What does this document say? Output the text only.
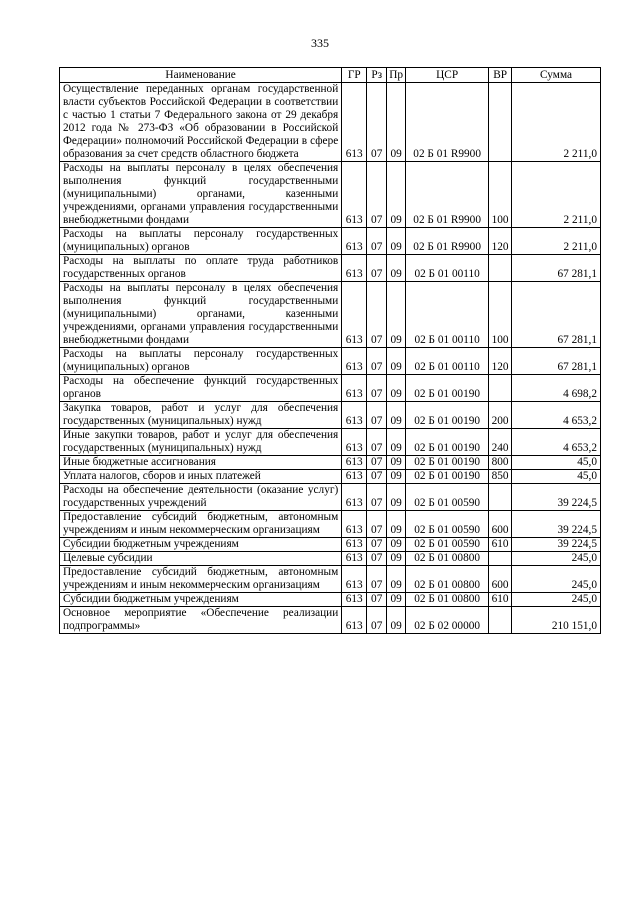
335
Наименование	ГР	Рз	Пр	ЦСР	ВР	Сумма
Осуществление переданных органам государственной власти субъектов Российской Федерации в соответствии с частью 1 статьи 7 Федерального закона от 29 декабря 2012 года № 273-ФЗ «Об образовании в Российской Федерации» полномочий Российской Федерации в сфере образования за счет средств областного бюджета	613	07	09	02 Б 01 R9900		2 211,0
Расходы на выплаты персоналу в целях обеспечения выполнения функций государственными (муниципальными) органами, казенными учреждениями, органами управления государственными внебюджетными фондами	613	07	09	02 Б 01 R9900	100	2 211,0
Расходы на выплаты персоналу государственных (муниципальных) органов	613	07	09	02 Б 01 R9900	120	2 211,0
Расходы на выплаты по оплате труда работников государственных органов	613	07	09	02 Б 01 00110		67 281,1
Расходы на выплаты персоналу в целях обеспечения выполнения функций государственными (муниципальными) органами, казенными учреждениями, органами управления государственными внебюджетными фондами	613	07	09	02 Б 01 00110	100	67 281,1
Расходы на выплаты персоналу государственных (муниципальных) органов	613	07	09	02 Б 01 00110	120	67 281,1
Расходы на обеспечение функций государственных органов	613	07	09	02 Б 01 00190		4 698,2
Закупка товаров, работ и услуг для обеспечения государственных (муниципальных) нужд	613	07	09	02 Б 01 00190	200	4 653,2
Иные закупки товаров, работ и услуг для обеспечения государственных (муниципальных) нужд	613	07	09	02 Б 01 00190	240	4 653,2
Иные бюджетные ассигнования	613	07	09	02 Б 01 00190	800	45,0
Уплата налогов, сборов и иных платежей	613	07	09	02 Б 01 00190	850	45,0
Расходы на обеспечение деятельности (оказание услуг) государственных учреждений	613	07	09	02 Б 01 00590		39 224,5
Предоставление субсидий бюджетным, автономным учреждениям и иным некоммерческим организациям	613	07	09	02 Б 01 00590	600	39 224,5
Субсидии бюджетным учреждениям	613	07	09	02 Б 01 00590	610	39 224,5
Целевые субсидии	613	07	09	02 Б 01 00800		245,0
Предоставление субсидий бюджетным, автономным учреждениям и иным некоммерческим организациям	613	07	09	02 Б 01 00800	600	245,0
Субсидии бюджетным учреждениям	613	07	09	02 Б 01 00800	610	245,0
Основное мероприятие «Обеспечение реализации подпрограммы»	613	07	09	02 Б 02 00000		210 151,0
